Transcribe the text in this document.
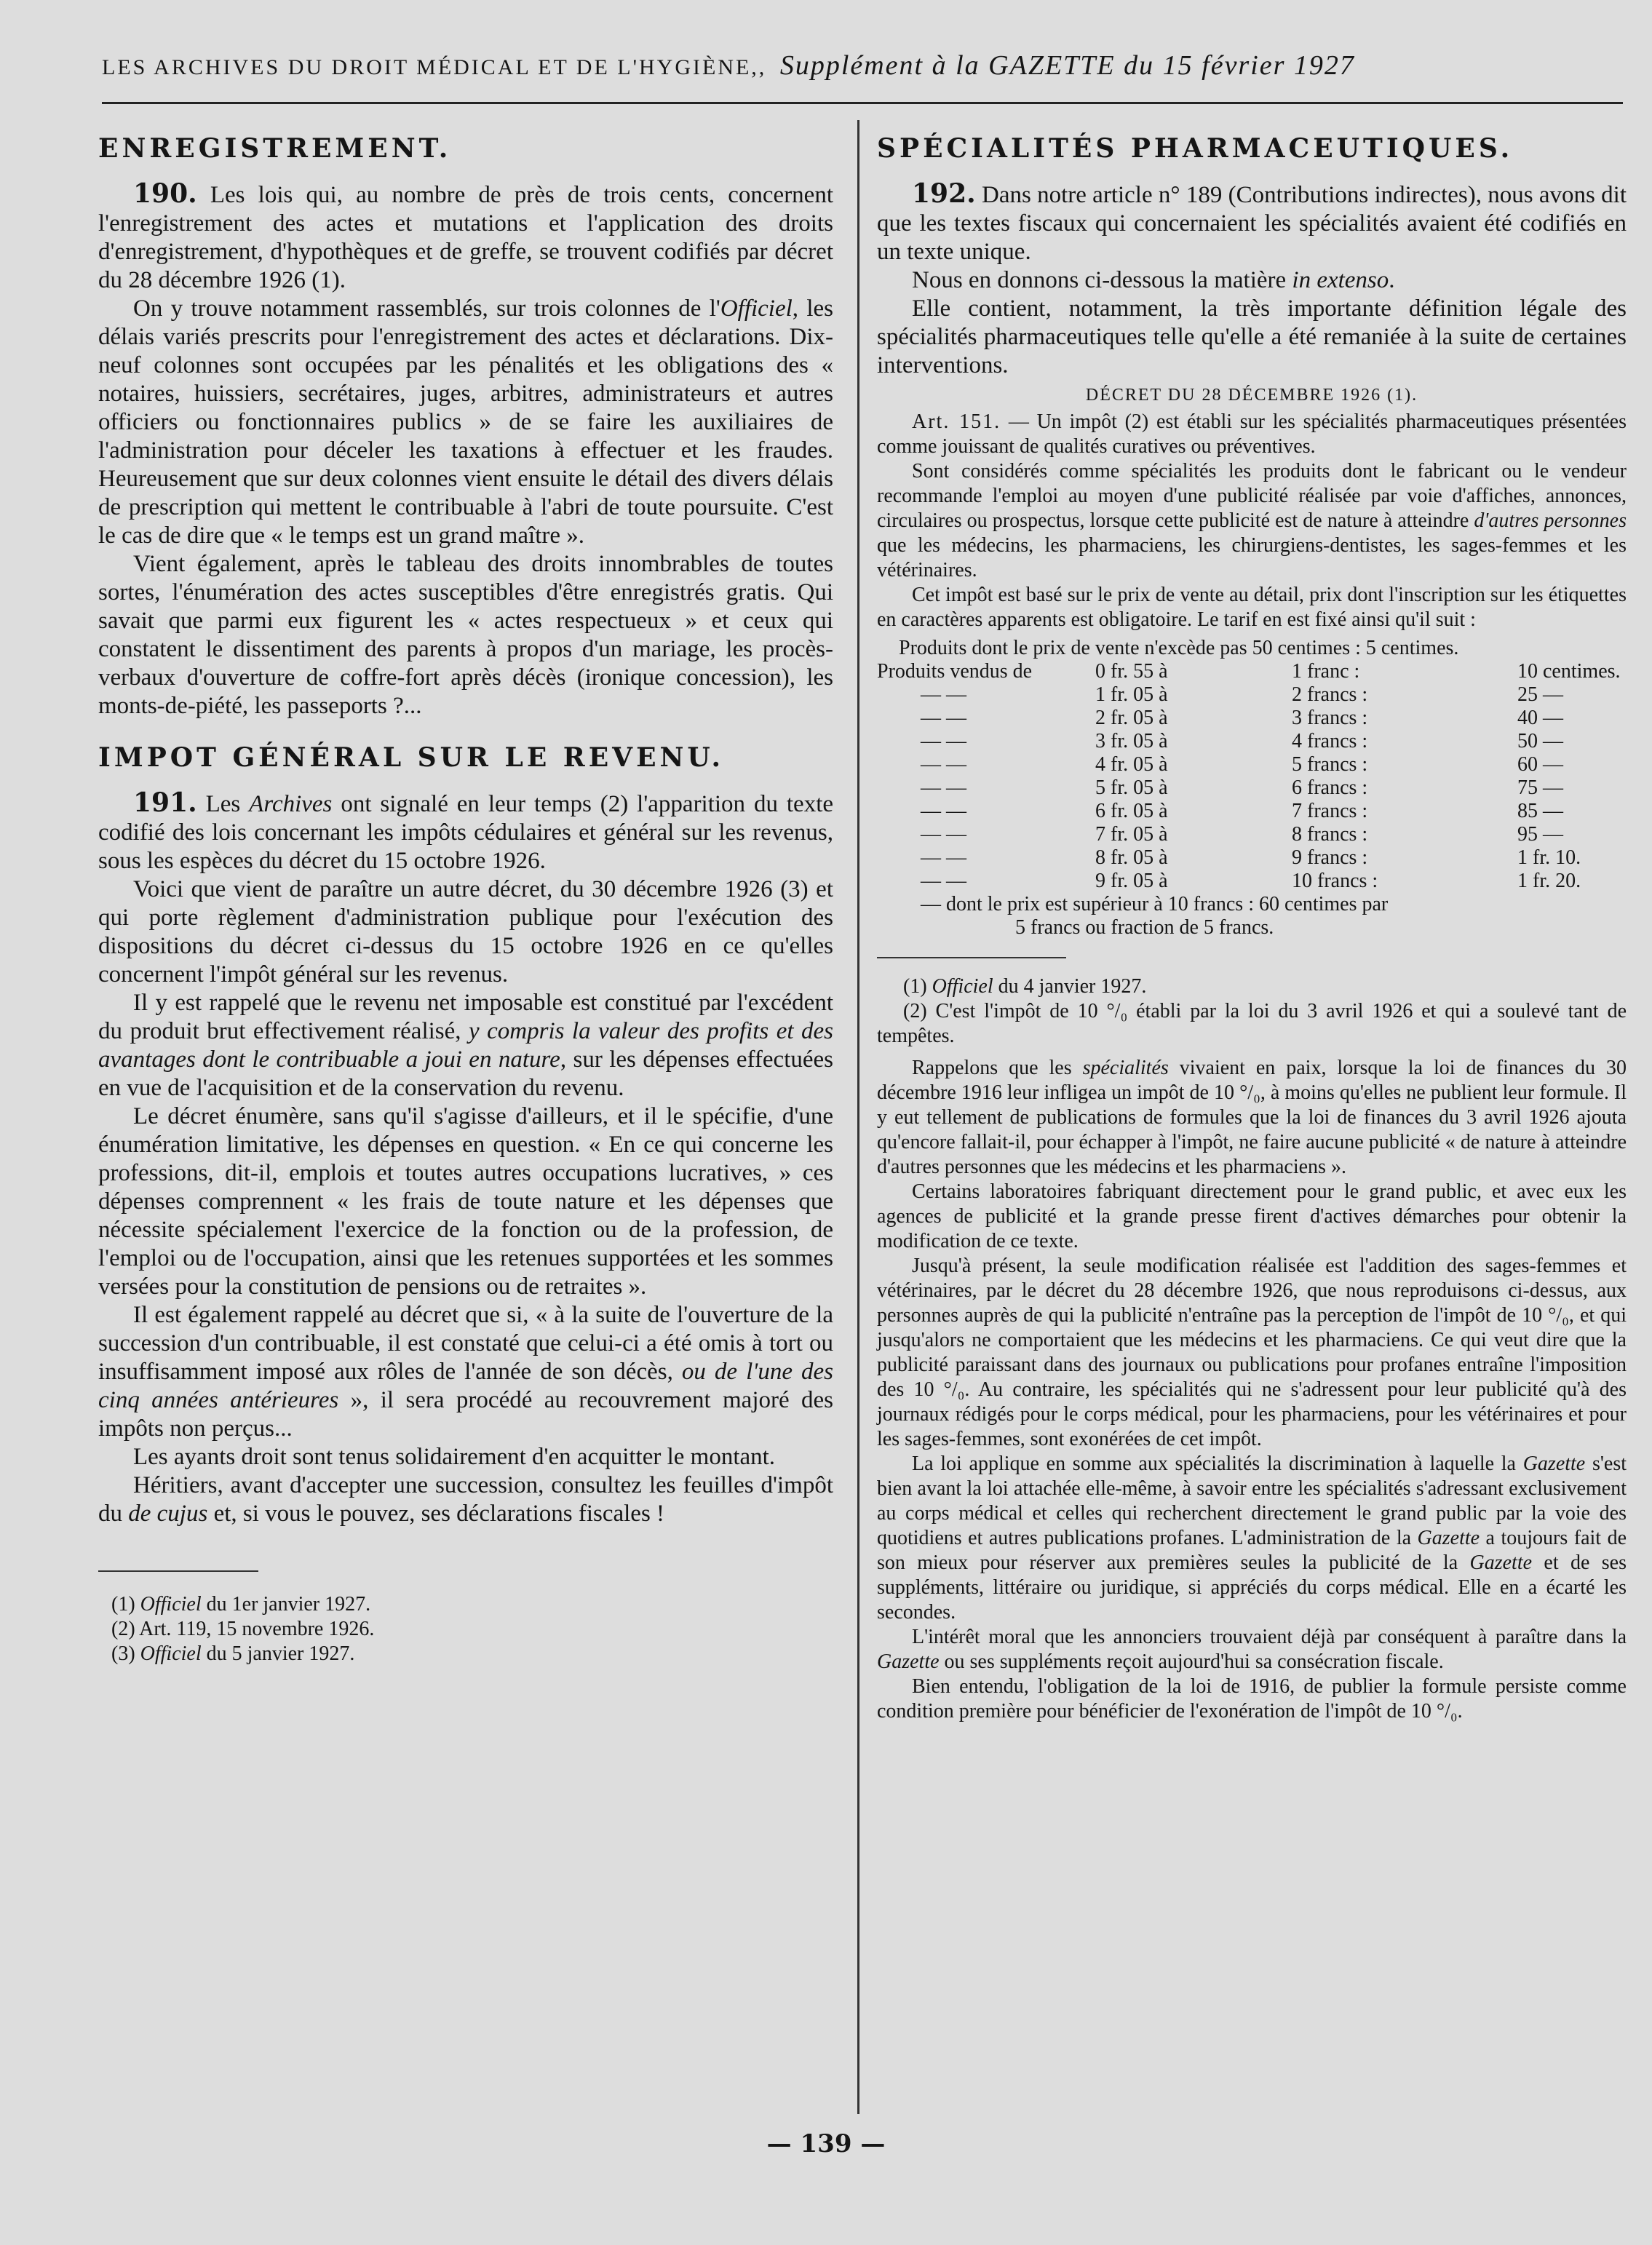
LES ARCHIVES DU DROIT MÉDICAL ET DE L'HYGIÈNE,, Supplément à la GAZETTE du 15 février 1927
ENREGISTREMENT.

190. Les lois qui, au nombre de près de trois cents, concernent l'enregistrement des actes et mutations et l'application des droits d'enregistrement, d'hypothèques et de greffe, se trouvent codifiés par décret du 28 décembre 1926 (1).

On y trouve notamment rassemblés, sur trois colonnes de l'Officiel, les délais variés prescrits pour l'enregistrement des actes et déclarations. Dix-neuf colonnes sont occupées par les pénalités et les obligations des « notaires, huissiers, secrétaires, juges, arbitres, administrateurs et autres officiers ou fonctionnaires publics » de se faire les auxiliaires de l'administration pour déceler les taxations à effectuer et les fraudes. Heureusement que sur deux colonnes vient ensuite le détail des divers délais de prescription qui mettent le contribuable à l'abri de toute poursuite. C'est le cas de dire que « le temps est un grand maître ».

Vient également, après le tableau des droits innombrables de toutes sortes, l'énumération des actes susceptibles d'être enregistrés gratis. Qui savait que parmi eux figurent les « actes respectueux » et ceux qui constatent le dissentiment des parents à propos d'un mariage, les procès-verbaux d'ouverture de coffre-fort après décès (ironique concession), les monts-de-piété, les passeports ?...

IMPOT GÉNÉRAL SUR LE REVENU.

191. Les Archives ont signalé en leur temps (2) l'apparition du texte codifié des lois concernant les impôts cédulaires et général sur les revenus, sous les espèces du décret du 15 octobre 1926.

Voici que vient de paraître un autre décret, du 30 décembre 1926 (3) et qui porte règlement d'administration publique pour l'exécution des dispositions du décret ci-dessus du 15 octobre 1926 en ce qu'elles concernent l'impôt général sur les revenus.

Il y est rappelé que le revenu net imposable est constitué par l'excédent du produit brut effectivement réalisé, y compris la valeur des profits et des avantages dont le contribuable a joui en nature, sur les dépenses effectuées en vue de l'acquisition et de la conservation du revenu.

Le décret énumère, sans qu'il s'agisse d'ailleurs, et il le spécifie, d'une énumération limitative, les dépenses en question. « En ce qui concerne les professions, dit-il, emplois et toutes autres occupations lucratives, » ces dépenses comprennent « les frais de toute nature et les dépenses que nécessite spécialement l'exercice de la fonction ou de la profession, de l'emploi ou de l'occupation, ainsi que les retenues supportées et les sommes versées pour la constitution de pensions ou de retraites ».

Il est également rappelé au décret que si, « à la suite de l'ouverture de la succession d'un contribuable, il est constaté que celui-ci a été omis à tort ou insuffisamment imposé aux rôles de l'année de son décès, ou de l'une des cinq années antérieures », il sera procédé au recouvrement majoré des impôts non perçus...

Les ayants droit sont tenus solidairement d'en acquitter le montant.

Héritiers, avant d'accepter une succession, consultez les feuilles d'impôt du de cujus et, si vous le pouvez, ses déclarations fiscales !

(1) Officiel du 1er janvier 1927.

(2) Art. 119, 15 novembre 1926.

(3) Officiel du 5 janvier 1927.

SPÉCIALITÉS PHARMACEUTIQUES.

192. Dans notre article n° 189 (Contributions indirectes), nous avons dit que les textes fiscaux qui concernaient les spécialités avaient été codifiés en un texte unique.

Nous en donnons ci-dessous la matière in extenso.

Elle contient, notamment, la très importante définition légale des spécialités pharmaceutiques telle qu'elle a été remaniée à la suite de certaines interventions.

DÉCRET DU 28 DÉCEMBRE 1926 (1).

Art. 151. — Un impôt (2) est établi sur les spécialités pharmaceutiques présentées comme jouissant de qualités curatives ou préventives.

Sont considérés comme spécialités les produits dont le fabricant ou le vendeur recommande l'emploi au moyen d'une publicité réalisée par voie d'affiches, annonces, circulaires ou prospectus, lorsque cette publicité est de nature à atteindre d'autres personnes que les médecins, les pharmaciens, les chirurgiens-dentistes, les sages-femmes et les vétérinaires.

Cet impôt est basé sur le prix de vente au détail, prix dont l'inscription sur les étiquettes en caractères apparents est obligatoire. Le tarif en est fixé ainsi qu'il suit :

Produits dont le prix de vente n'excède pas 50 centimes : 5 centimes.
Produits vendus de	0 fr. 55 à	1 franc :	10 centimes.
— —	1 fr. 05 à	2 francs :	25 —
— —	2 fr. 05 à	3 francs :	40 —
— —	3 fr. 05 à	4 francs :	50 —
— —	4 fr. 05 à	5 francs :	60 —
— —	5 fr. 05 à	6 francs :	75 —
— —	6 fr. 05 à	7 francs :	85 —
— —	7 fr. 05 à	8 francs :	95 —
— —	8 fr. 05 à	9 francs :	1 fr. 10.
— —	9 fr. 05 à	10 francs :	1 fr. 20.
— dont le prix est supérieur à 10 francs : 60 centimes par
5 francs ou fraction de 5 francs.

(1) Officiel du 4 janvier 1927.

(2) C'est l'impôt de 10 °/₀ établi par la loi du 3 avril 1926 et qui a soulevé tant de tempêtes.

Rappelons que les spécialités vivaient en paix, lorsque la loi de finances du 30 décembre 1916 leur infligea un impôt de 10 °/₀, à moins qu'elles ne publient leur formule. Il y eut tellement de publications de formules que la loi de finances du 3 avril 1926 ajouta qu'encore fallait-il, pour échapper à l'impôt, ne faire aucune publicité « de nature à atteindre d'autres personnes que les médecins et les pharmaciens ».

Certains laboratoires fabriquant directement pour le grand public, et avec eux les agences de publicité et la grande presse firent d'actives démarches pour obtenir la modification de ce texte.

Jusqu'à présent, la seule modification réalisée est l'addition des sages-femmes et vétérinaires, par le décret du 28 décembre 1926, que nous reproduisons ci-dessus, aux personnes auprès de qui la publicité n'entraîne pas la perception de l'impôt de 10 °/₀, et qui jusqu'alors ne comportaient que les médecins et les pharmaciens. Ce qui veut dire que la publicité paraissant dans des journaux ou publications pour profanes entraîne l'imposition des 10 °/₀. Au contraire, les spécialités qui ne s'adressent pour leur publicité qu'à des journaux rédigés pour le corps médical, pour les pharmaciens, pour les vétérinaires et pour les sages-femmes, sont exonérées de cet impôt.

La loi applique en somme aux spécialités la discrimination à laquelle la Gazette s'est bien avant la loi attachée elle-même, à savoir entre les spécialités s'adressant exclusivement au corps médical et celles qui recherchent directement le grand public par la voie des quotidiens et autres publications profanes. L'administration de la Gazette a toujours fait de son mieux pour réserver aux premières seules la publicité de la Gazette et de ses suppléments, littéraire ou juridique, si appréciés du corps médical. Elle en a écarté les secondes.

L'intérêt moral que les annonciers trouvaient déjà par conséquent à paraître dans la Gazette ou ses suppléments reçoit aujourd'hui sa consécration fiscale.

Bien entendu, l'obligation de la loi de 1916, de publier la formule persiste comme condition première pour bénéficier de l'exonération de l'impôt de 10 °/₀.

— 139 —
